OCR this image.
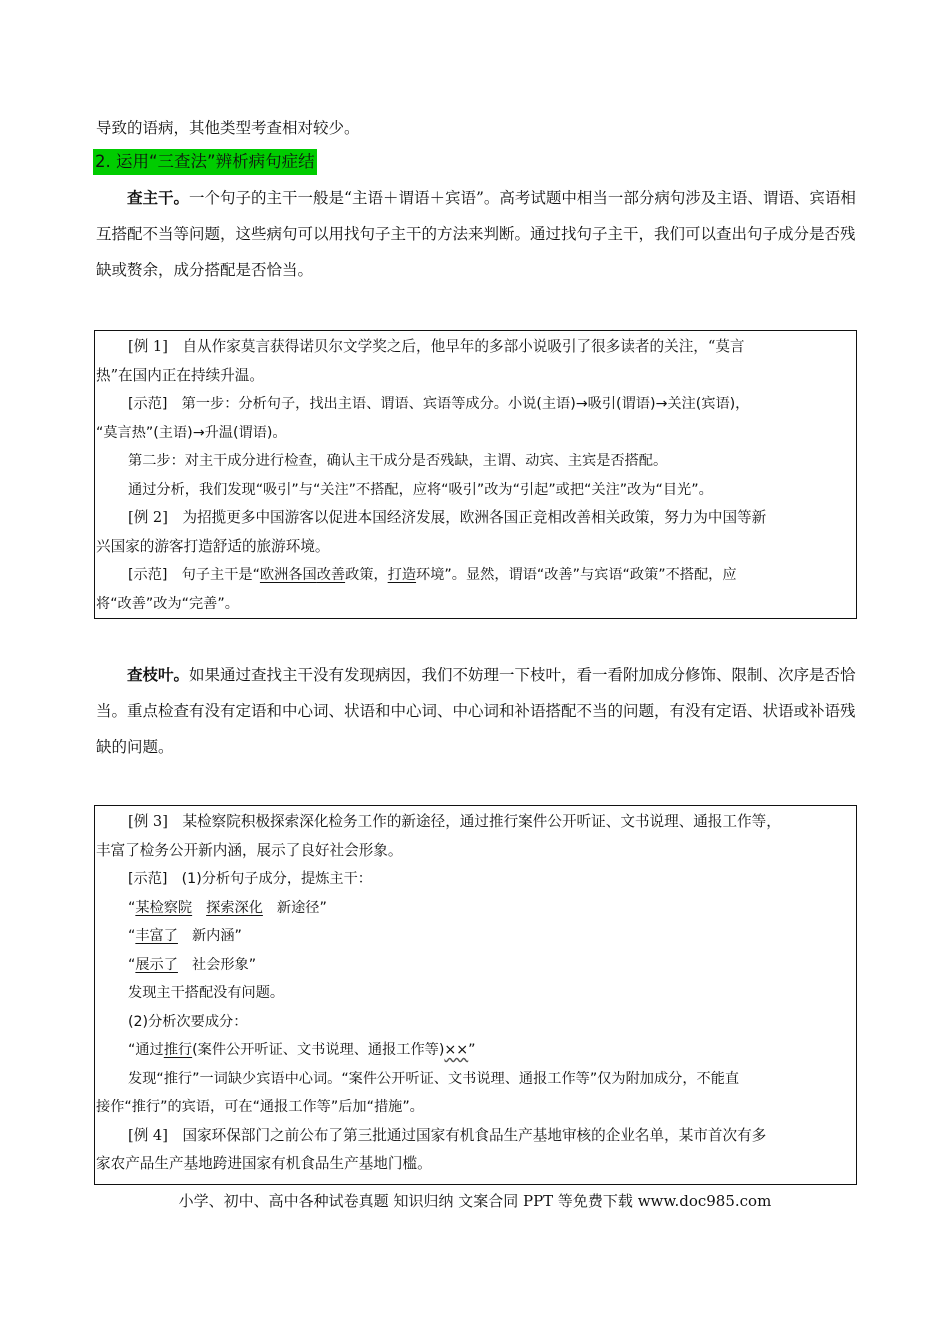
导致的语病，其他类型考查相对较少。

2. 运用“三查法”辨析病句症结

查主干。一个句子的主干一般是“主语＋谓语＋宾语”。高考试题中相当一部分病句涉及主语、谓语、宾语相互搭配不当等问题，这些病句可以用找句子主干的方法来判断。通过找句子主干，我们可以查出句子成分是否残缺或赘余，成分搭配是否恰当。

[例 1]　自从作家莫言获得诺贝尔文学奖之后，他早年的多部小说吸引了很多读者的关注，“莫言

热”在国内正在持续升温。

[示范]　第一步：分析句子，找出主语、谓语、宾语等成分。小说(主语)→吸引(谓语)→关注(宾语)，

“莫言热”(主语)→升温(谓语)。

第二步：对主干成分进行检查，确认主干成分是否残缺，主谓、动宾、主宾是否搭配。

通过分析，我们发现“吸引”与“关注”不搭配，应将“吸引”改为“引起”或把“关注”改为“目光”。

[例 2]　为招揽更多中国游客以促进本国经济发展，欧洲各国正竞相改善相关政策，努力为中国等新

兴国家的游客打造舒适的旅游环境。

[示范]　句子主干是“欧洲各国改善政策，打造环境”。显然，谓语“改善”与宾语“政策”不搭配，应

将“改善”改为“完善”。

查枝叶。如果通过查找主干没有发现病因，我们不妨理一下枝叶，看一看附加成分修饰、限制、次序是否恰当。重点检查有没有定语和中心词、状语和中心词、中心词和补语搭配不当的问题，有没有定语、状语或补语残缺的问题。

[例 3]　某检察院积极探索深化检务工作的新途径，通过推行案件公开听证、文书说理、通报工作等，

丰富了检务公开新内涵，展示了良好社会形象。

[示范]　(1)分析句子成分，提炼主干：

“某检察院 探索深化 新途径”

“丰富了 新内涵”

“展示了 社会形象”

发现主干搭配没有问题。

(2)分析次要成分：

“通过推行(案件公开听证、文书说理、通报工作等)××”

发现“推行”一词缺少宾语中心词。“案件公开听证、文书说理、通报工作等”仅为附加成分，不能直

接作“推行”的宾语，可在“通报工作等”后加“措施”。

[例 4]　国家环保部门之前公布了第三批通过国家有机食品生产基地审核的企业名单，某市首次有多

家农产品生产基地跨进国家有机食品生产基地门槛。

小学、初中、高中各种试卷真题 知识归纳 文案合同 PPT 等免费下载 www.doc985.com
